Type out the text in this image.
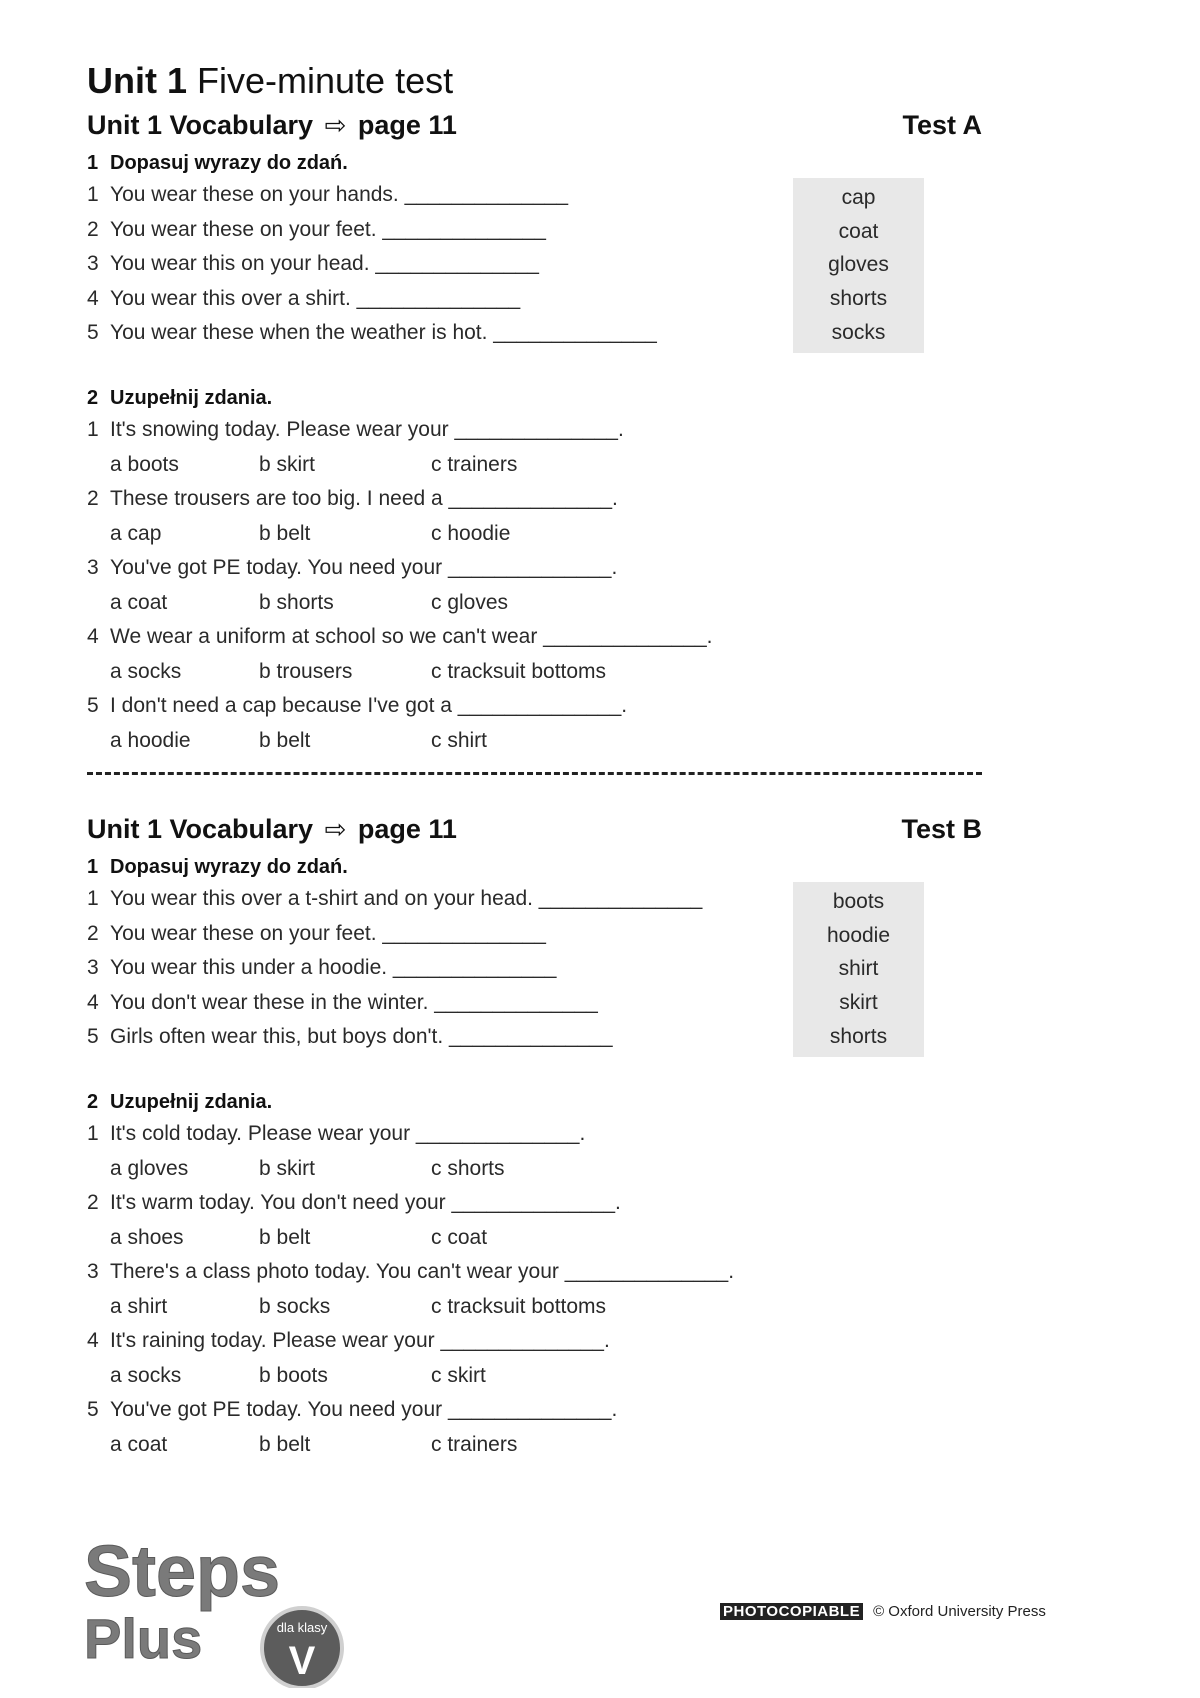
Unit 1 Five-minute test
Unit 1 Vocabulary ⇨ page 11	Test A
1 Dopasuj wyrazy do zdań.
1 You wear these on your hands. ______________
2 You wear these on your feet. ______________
3 You wear this on your head. ______________
4 You wear this over a shirt. ______________
5 You wear these when the weather is hot. ______________
cap
coat
gloves
shorts
socks
2 Uzupełnij zdania.
1 It's snowing today. Please wear your ______________.
a boots	b skirt	c trainers
2 These trousers are too big. I need a ______________.
a cap	b belt	c hoodie
3 You've got PE today. You need your ______________.
a coat	b shorts	c gloves
4 We wear a uniform at school so we can't wear ______________.
a socks	b trousers	c tracksuit bottoms
5 I don't need a cap because I've got a ______________.
a hoodie	b belt	c shirt
Unit 1 Vocabulary ⇨ page 11	Test B
1 Dopasuj wyrazy do zdań.
1 You wear this over a t-shirt and on your head. ______________
2 You wear these on your feet. ______________
3 You wear this under a hoodie. ______________
4 You don't wear these in the winter. ______________
5 Girls often wear this, but boys don't. ______________
boots
hoodie
shirt
skirt
shorts
2 Uzupełnij zdania.
1 It's cold today. Please wear your ______________.
a gloves	b skirt	c shorts
2 It's warm today. You don't need your ______________.
a shoes	b belt	c coat
3 There's a class photo today. You can't wear your ______________.
a shirt	b socks	c tracksuit bottoms
4 It's raining today. Please wear your ______________.
a socks	b boots	c skirt
5 You've got PE today. You need your ______________.
a coat	b belt	c trainers
Steps
Plus	dla klasy
V
PHOTOCOPIABLE © Oxford University Press
